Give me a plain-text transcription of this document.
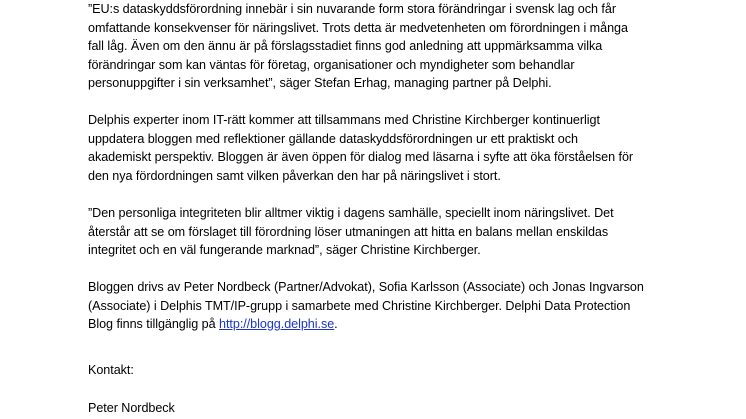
”EU:s dataskyddsförordning innebär i sin nuvarande form stora förändringar i svensk lag och får
omfattande konsekvenser för näringslivet. Trots detta är medvetenheten om förordningen i många
fall låg. Även om den ännu är på förslagsstadiet finns god anledning att uppmärksamma vilka
förändringar som kan väntas för företag, organisationer och myndigheter som behandlar
personuppgifter i sin verksamhet”, säger Stefan Erhag, managing partner på Delphi.

Delphis experter inom IT-rätt kommer att tillsammans med Christine Kirchberger kontinuerligt
uppdatera bloggen med reflektioner gällande dataskyddsförordningen ur ett praktiskt och
akademiskt perspektiv. Bloggen är även öppen för dialog med läsarna i syfte att öka förståelsen för
den nya fördordningen samt vilken påverkan den har på näringslivet i stort.

”Den personliga integriteten blir alltmer viktig i dagens samhälle, speciellt inom näringslivet. Det
återstår att se om förslaget till förordning löser utmaningen att hitta en balans mellan enskildas
integritet och en väl fungerande marknad”, säger Christine Kirchberger.

Bloggen drivs av Peter Nordbeck (Partner/Advokat), Sofia Karlsson (Associate) och Jonas Ingvarson
(Associate) i Delphis TMT/IP-grupp i samarbete med Christine Kirchberger. Delphi Data Protection
Blog finns tillgänglig på http://blogg.delphi.se.

Kontakt:

Peter Nordbeck
